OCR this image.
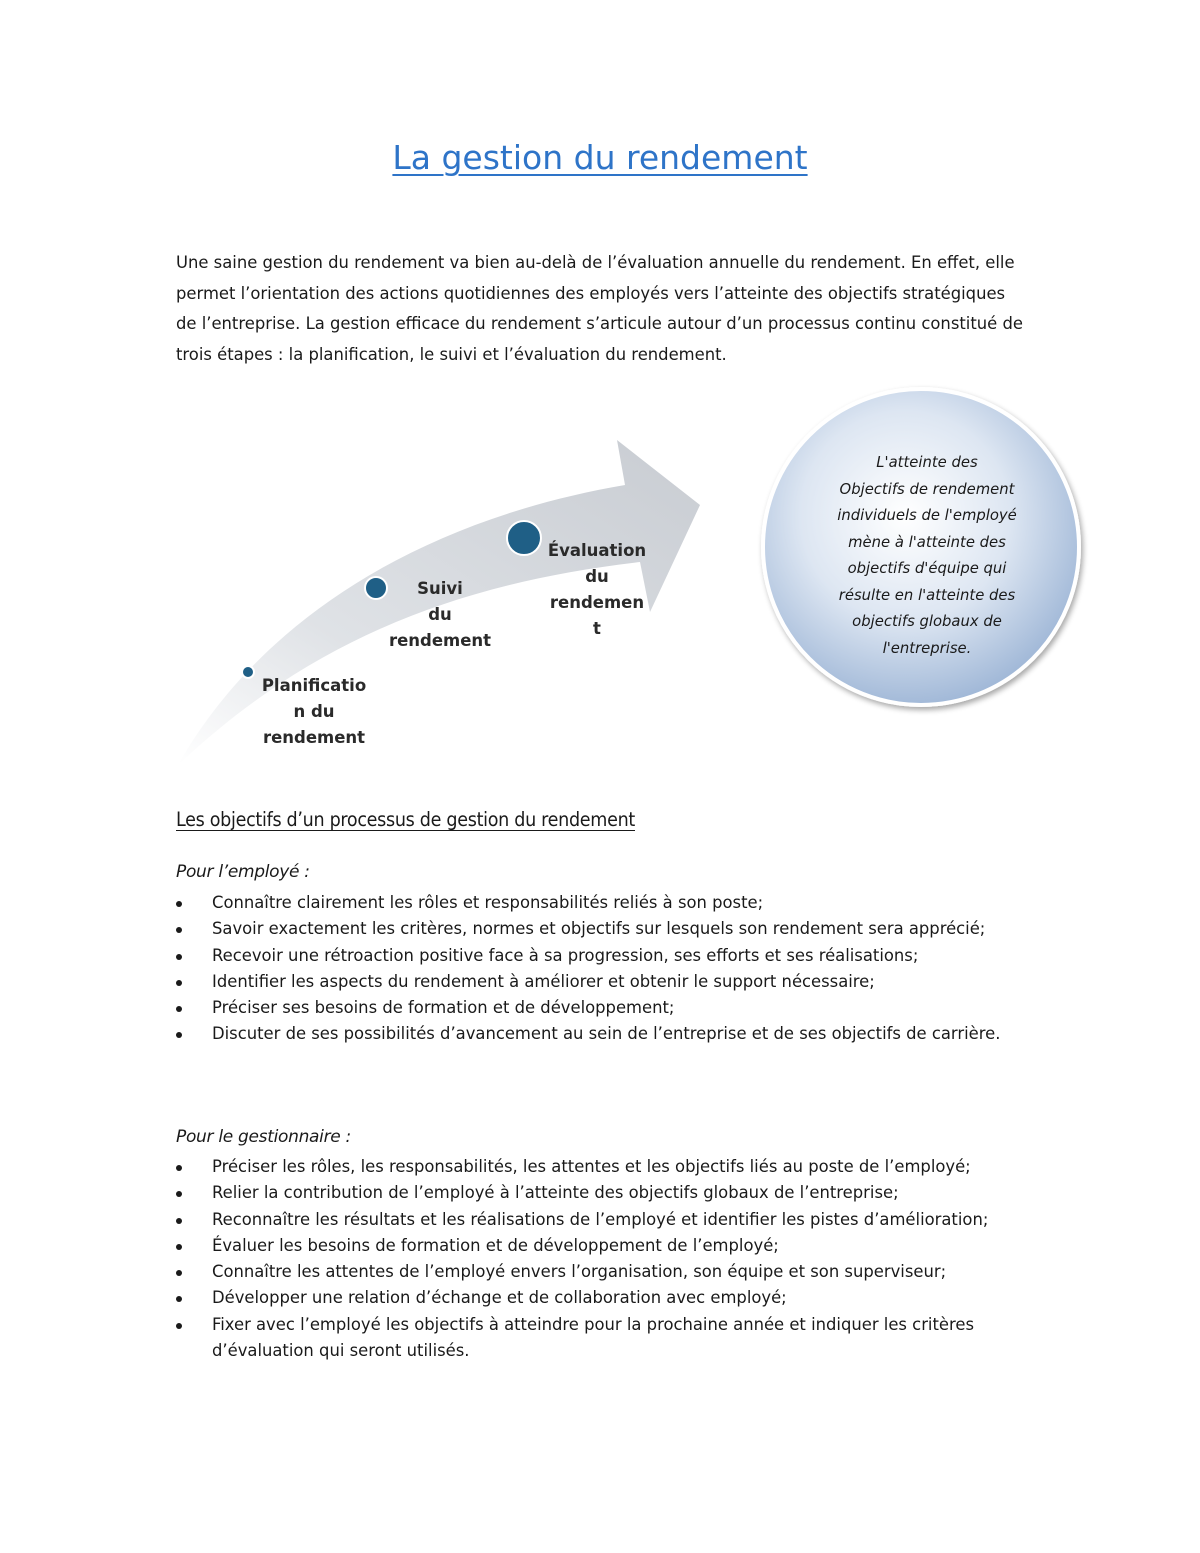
La gestion du rendement

Une saine gestion du rendement va bien au-delà de l’évaluation annuelle du rendement. En effet, elle permet l’orientation des actions quotidiennes des employés vers l’atteinte des objectifs stratégiques de l’entreprise. La gestion efficace du rendement s’articule autour d’un processus continu constitué de trois étapes : la planification, le suivi et l’évaluation du rendement.

Planificatio
n du
rendement
Suivi
du
rendement
Évaluation
du
rendemen
t
L'atteinte des
Objectifs de rendement
individuels de l'employé
mène à l'atteinte des
objectifs d'équipe qui
résulte en l'atteinte des
objectifs globaux de
l'entreprise.
Les objectifs d’un processus de gestion du rendement
Pour l’employé :
Connaître clairement les rôles et responsabilités reliés à son poste;
Savoir exactement les critères, normes et objectifs sur lesquels son rendement sera apprécié;
Recevoir une rétroaction positive face à sa progression, ses efforts et ses réalisations;
Identifier les aspects du rendement à améliorer et obtenir le support nécessaire;
Préciser ses besoins de formation et de développement;
Discuter de ses possibilités d’avancement au sein de l’entreprise et de ses objectifs de carrière.
Pour le gestionnaire :
Préciser les rôles, les responsabilités, les attentes et les objectifs liés au poste de l’employé;
Relier la contribution de l’employé à l’atteinte des objectifs globaux de l’entreprise;
Reconnaître les résultats et les réalisations de l’employé et identifier les pistes d’amélioration;
Évaluer les besoins de formation et de développement de l’employé;
Connaître les attentes de l’employé envers l’organisation, son équipe et son superviseur;
Développer une relation d’échange et de collaboration avec employé;
Fixer avec l’employé les objectifs à atteindre pour la prochaine année et indiquer les critères d’évaluation qui seront utilisés.
